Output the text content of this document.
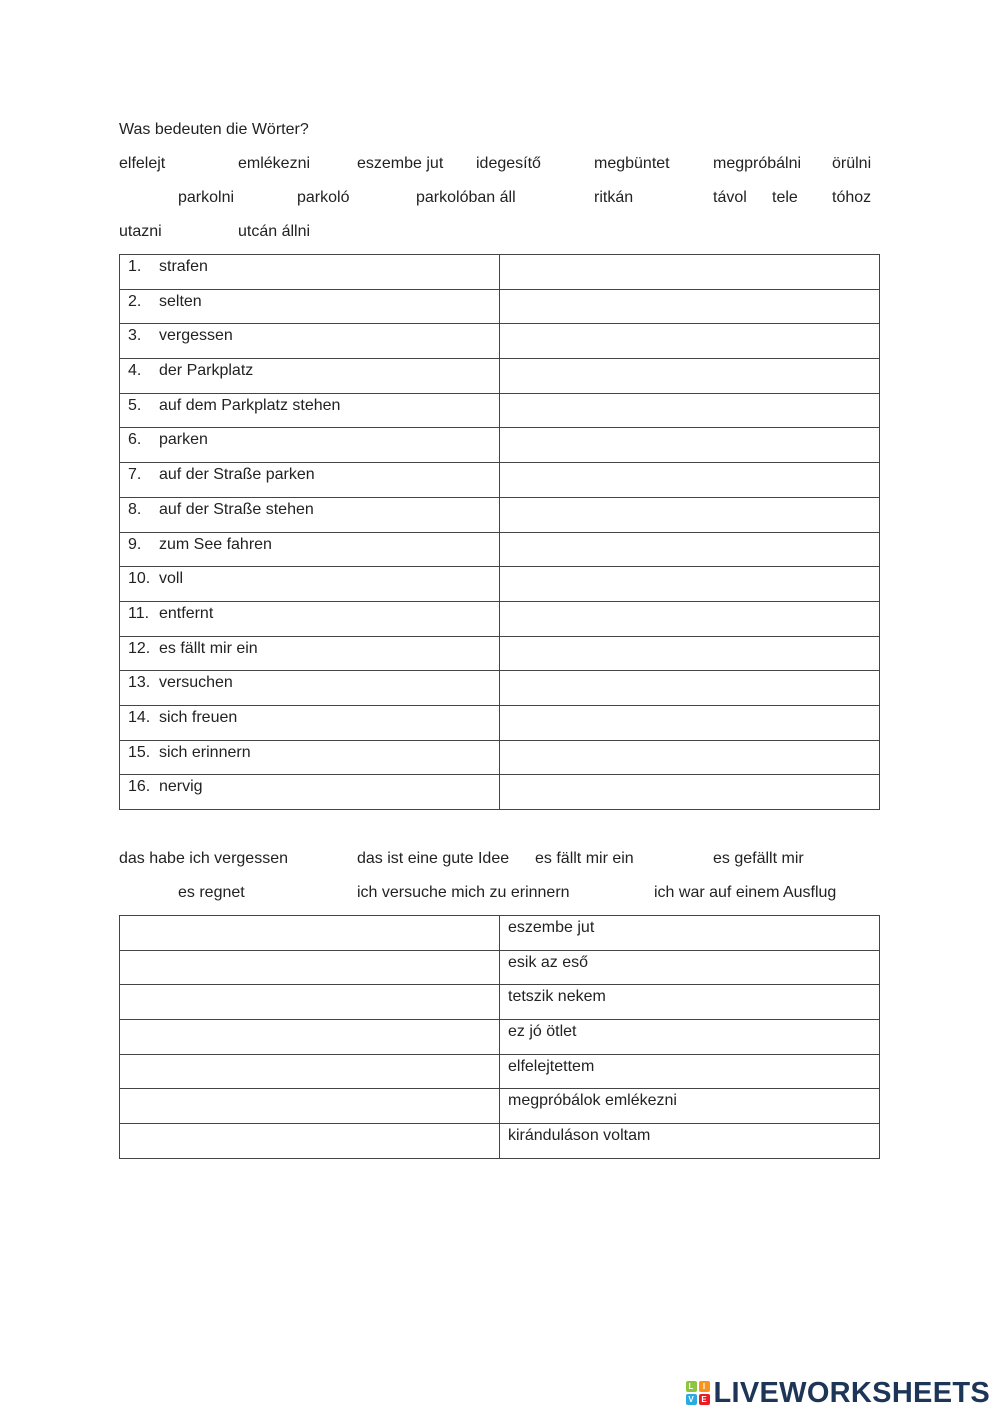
Was bedeuten die Wörter?
elfelejt	emlékezni	eszembe jut idegesítő	megbüntet	megpróbálni örülni
parkolni	parkoló	parkolóban áll	ritkán	távol tele tóhoz
utazni	utcán állni
1. strafen	
2. selten	
3. vergessen	
4. der Parkplatz	
5. auf dem Parkplatz stehen	
6. parken	
7. auf der Straße parken	
8. auf der Straße stehen	
9. zum See fahren	
10. voll	
11. entfernt	
12. es fällt mir ein	
13. versuchen	
14. sich freuen	
15. sich erinnern	
16. nervig	
das habe ich vergessen	das ist eine gute Idee es fällt mir ein	es gefällt mir
es regnet	ich versuche mich zu erinnern	ich war auf einem Ausflug
	eszembe jut
	esik az eső
	tetszik nekem
	ez jó ötlet
	elfelejtettem
	megpróbálok emlékezni
	kiránduláson voltam
L	I
V E LIVEWORKSHEETS
